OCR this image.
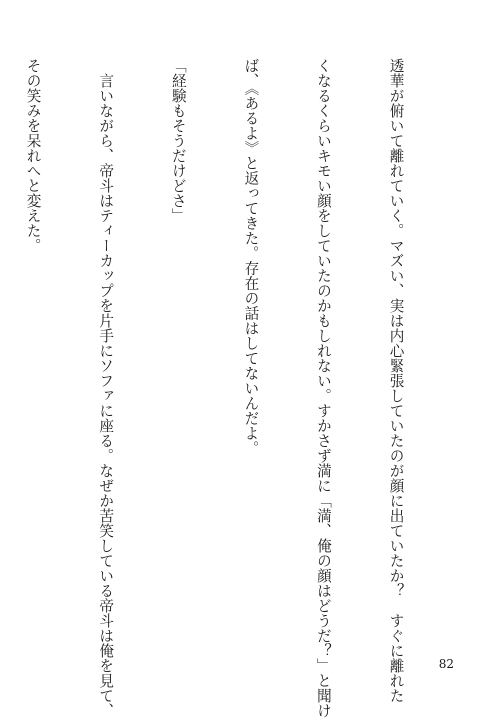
透華が俯いて離れていく。マズい、実は内心緊張していたのが顔に出ていたか？　すぐに離れた

くなるくらいキモい顔をしていたのかもしれない。すかさず満に「満、俺の顔はどうだ？」と聞け

ば、《あるよ》と返ってきた。存在の話はしてないんだよ。

「経験もそうだけどさ」

　言いながら、帝斗はティーカップを片手にソファに座る。なぜか苦笑している帝斗は俺を見て、

その笑みを呆れへと変えた。

82
